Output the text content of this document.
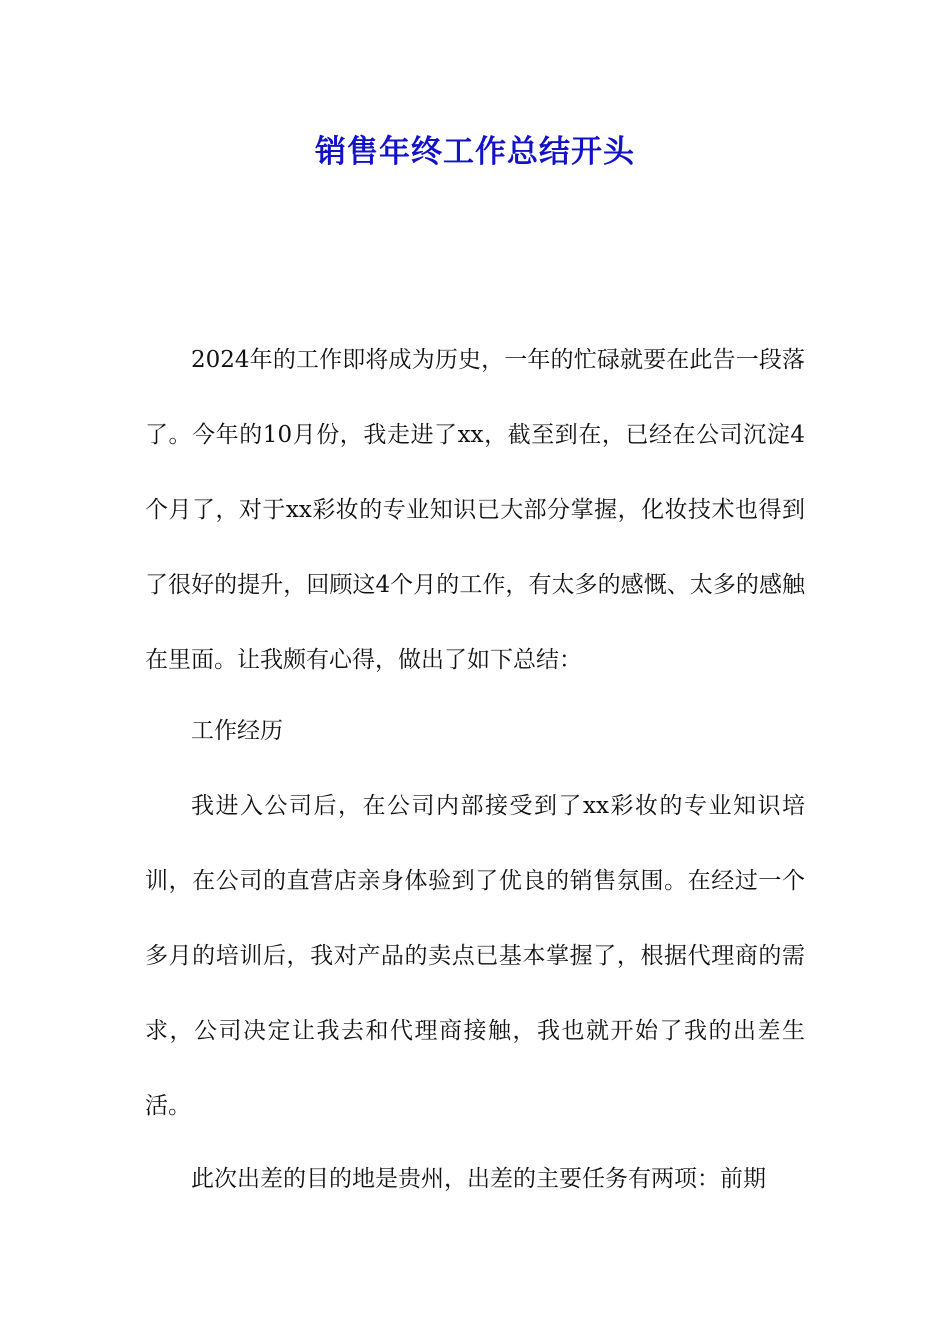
销售年终工作总结开头

2024年的工作即将成为历史，一年的忙碌就要在此告一段落了。今年的10月份，我走进了xx，截至到在，已经在公司沉淀4个月了，对于xx彩妆的专业知识已大部分掌握，化妆技术也得到了很好的提升，回顾这4个月的工作，有太多的感慨、太多的感触在里面。让我颇有心得，做出了如下总结：

工作经历

我进入公司后，在公司内部接受到了xx彩妆的专业知识培训，在公司的直营店亲身体验到了优良的销售氛围。在经过一个多月的培训后，我对产品的卖点已基本掌握了，根据代理商的需求，公司决定让我去和代理商接触，我也就开始了我的出差生活。

此次出差的目的地是贵州，出差的主要任务有两项：前期
